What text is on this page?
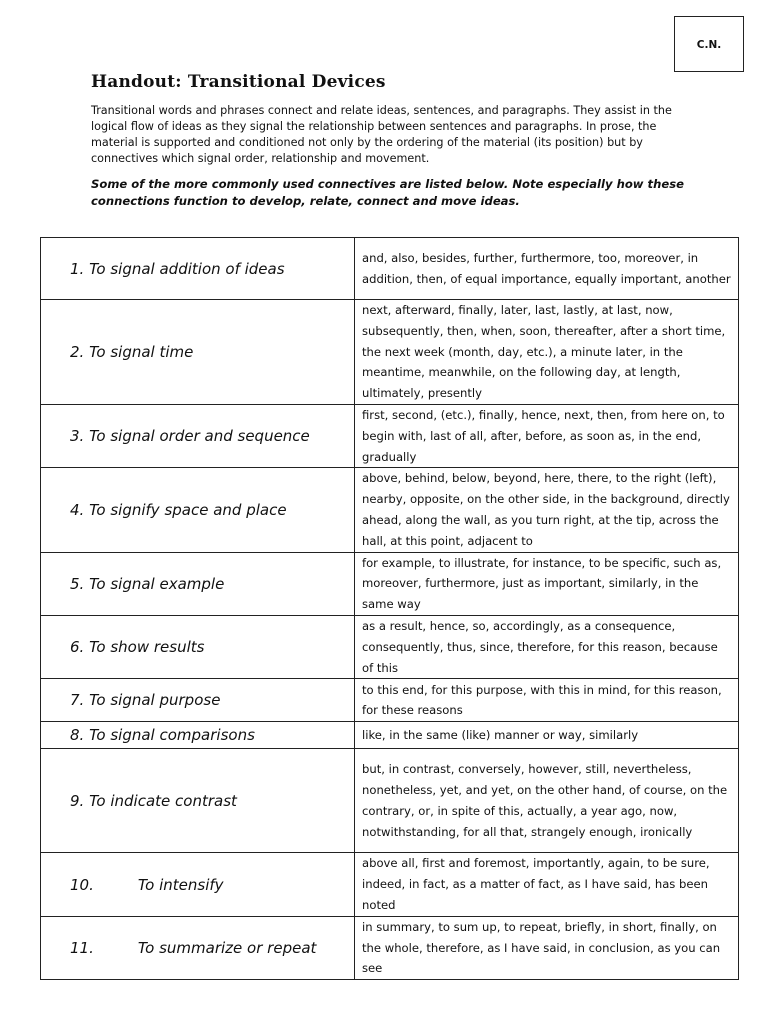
C.N.
Handout: Transitional Devices

Transitional words and phrases connect and relate ideas, sentences, and paragraphs. They assist in the logical flow of ideas as they signal the relationship between sentences and paragraphs. In prose, the material is supported and conditioned not only by the ordering of the material (its position) but by connectives which signal order, relationship and movement.

Some of the more commonly used connectives are listed below. Note especially how these connections function to develop, relate, connect and move ideas.

1. To signal addition of ideas	and, also, besides, further, furthermore, too, moreover, in addition, then, of equal importance, equally important, another
2. To signal time	next, afterward, finally, later, last, lastly, at last, now, subsequently, then, when, soon, thereafter, after a short time, the next week (month, day, etc.), a minute later, in the meantime, meanwhile, on the following day, at length, ultimately, presently
3. To signal order and sequence	first, second, (etc.), finally, hence, next, then, from here on, to begin with, last of all, after, before, as soon as, in the end, gradually
4. To signify space and place	above, behind, below, beyond, here, there, to the right (left), nearby, opposite, on the other side, in the background, directly ahead, along the wall, as you turn right, at the tip, across the hall, at this point, adjacent to
5. To signal example	for example, to illustrate, for instance, to be specific, such as, moreover, furthermore, just as important, similarly, in the same way
6. To show results	as a result, hence, so, accordingly, as a consequence, consequently, thus, since, therefore, for this reason, because of this
7. To signal purpose	to this end, for this purpose, with this in mind, for this reason, for these reasons
8. To signal comparisons	like, in the same (like) manner or way, similarly
9. To indicate contrast	but, in contrast, conversely, however, still, nevertheless, nonetheless, yet, and yet, on the other hand, of course, on the contrary, or, in spite of this, actually, a year ago, now, notwithstanding, for all that, strangely enough, ironically
10. To intensify	above all, first and foremost, importantly, again, to be sure, indeed, in fact, as a matter of fact, as I have said, has been noted
11. To summarize or repeat	in summary, to sum up, to repeat, briefly, in short, finally, on the whole, therefore, as I have said, in conclusion, as you can see
